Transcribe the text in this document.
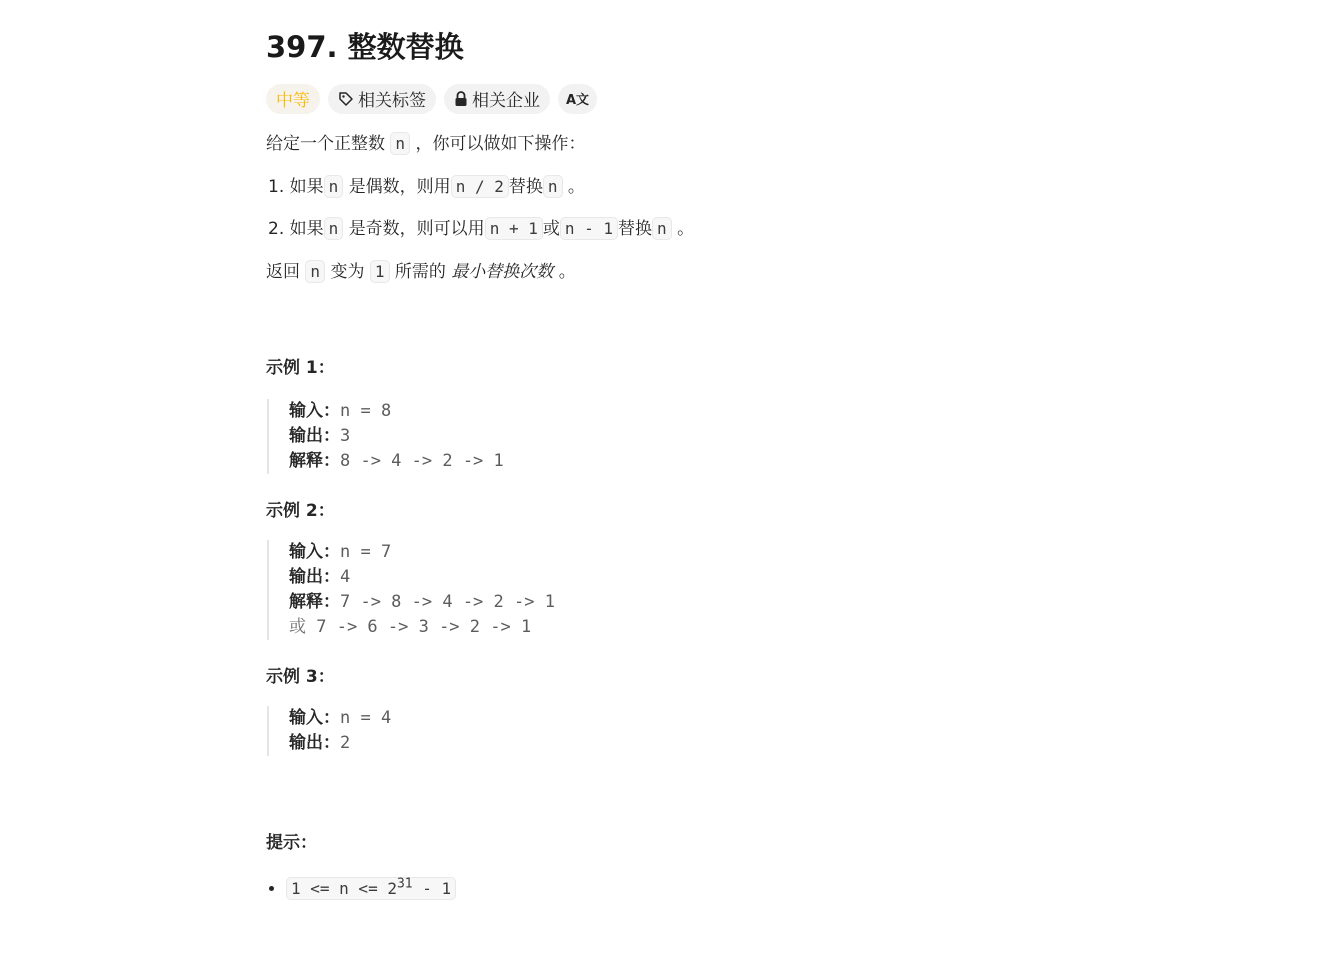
397. 整数替换
中等	相关标签	相关企业 A文

给定一个正整数 n ，你可以做如下操作：

1. 如果 n 是偶数，则用 n / 2 替换 n 。
2. 如果 n 是奇数，则可以用 n + 1 或 n - 1 替换 n 。

返回 n 变为 1 所需的 最小替换次数 。

示例 1：

输入：n = 8
输出：3
解释：8 -> 4 -> 2 -> 1

示例 2：

输入：n = 7
输出：4
解释：7 -> 8 -> 4 -> 2 -> 1
或 7 -> 6 -> 3 -> 2 -> 1

示例 3：

输入：n = 4
输出：2

提示：

• $1 <= n <= 2^{31} - 1$
